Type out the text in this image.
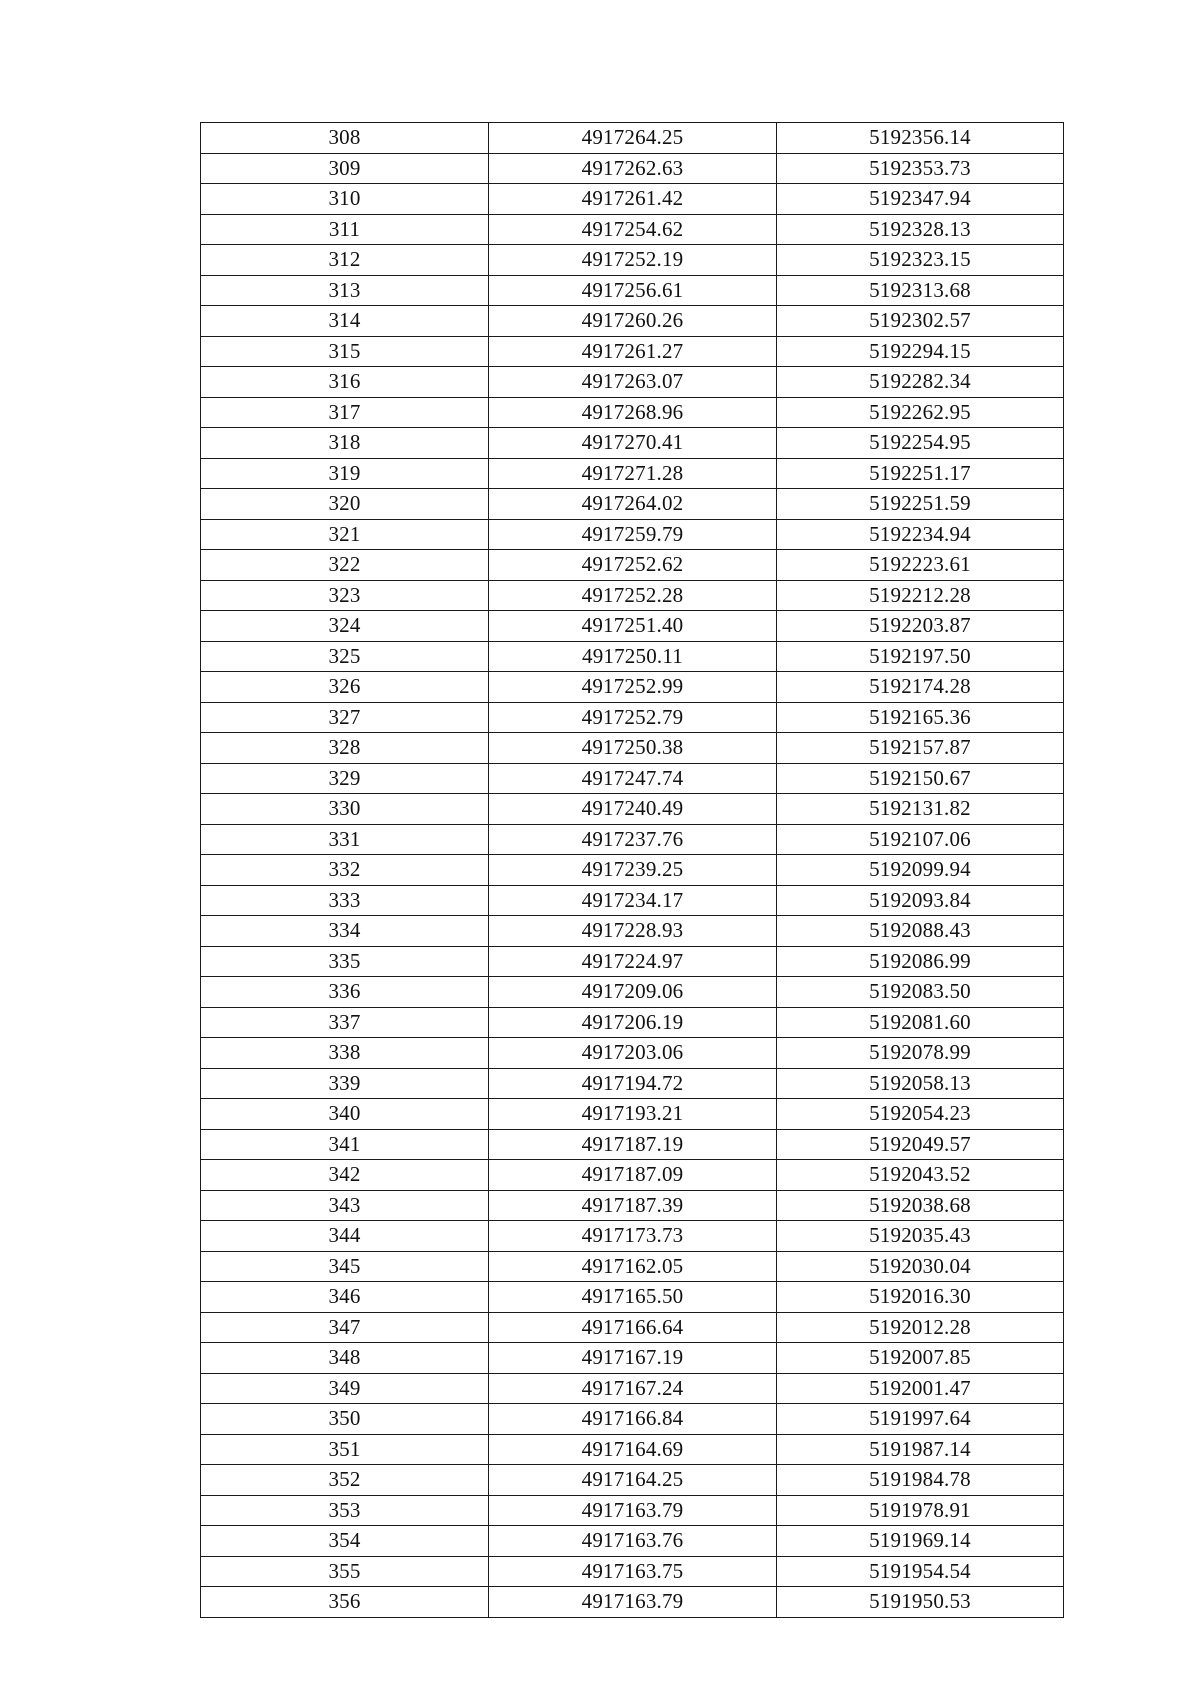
308	4917264.25	5192356.14
309	4917262.63	5192353.73
310	4917261.42	5192347.94
311	4917254.62	5192328.13
312	4917252.19	5192323.15
313	4917256.61	5192313.68
314	4917260.26	5192302.57
315	4917261.27	5192294.15
316	4917263.07	5192282.34
317	4917268.96	5192262.95
318	4917270.41	5192254.95
319	4917271.28	5192251.17
320	4917264.02	5192251.59
321	4917259.79	5192234.94
322	4917252.62	5192223.61
323	4917252.28	5192212.28
324	4917251.40	5192203.87
325	4917250.11	5192197.50
326	4917252.99	5192174.28
327	4917252.79	5192165.36
328	4917250.38	5192157.87
329	4917247.74	5192150.67
330	4917240.49	5192131.82
331	4917237.76	5192107.06
332	4917239.25	5192099.94
333	4917234.17	5192093.84
334	4917228.93	5192088.43
335	4917224.97	5192086.99
336	4917209.06	5192083.50
337	4917206.19	5192081.60
338	4917203.06	5192078.99
339	4917194.72	5192058.13
340	4917193.21	5192054.23
341	4917187.19	5192049.57
342	4917187.09	5192043.52
343	4917187.39	5192038.68
344	4917173.73	5192035.43
345	4917162.05	5192030.04
346	4917165.50	5192016.30
347	4917166.64	5192012.28
348	4917167.19	5192007.85
349	4917167.24	5192001.47
350	4917166.84	5191997.64
351	4917164.69	5191987.14
352	4917164.25	5191984.78
353	4917163.79	5191978.91
354	4917163.76	5191969.14
355	4917163.75	5191954.54
356	4917163.79	5191950.53
